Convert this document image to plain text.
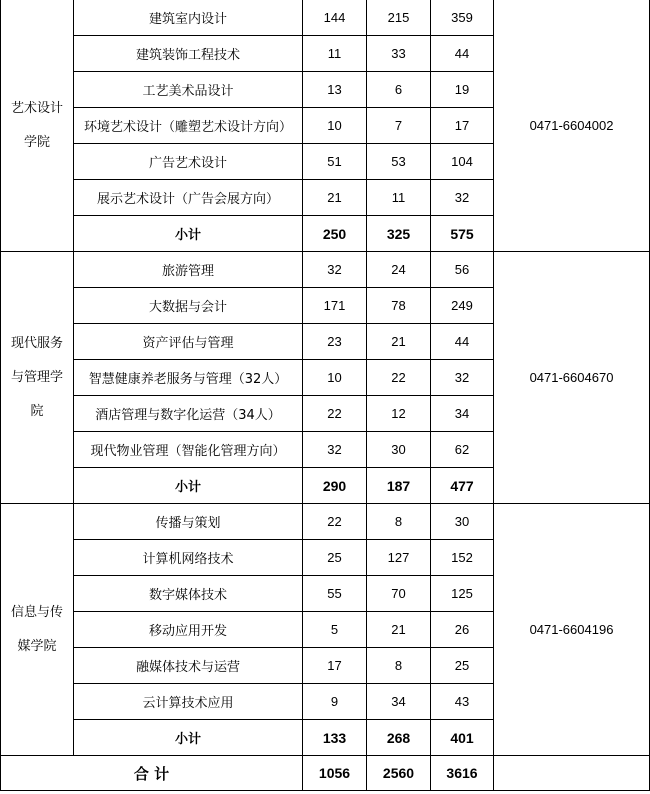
艺术设计学院	建筑室内设计	144	215	359	0471-6604002
	建筑装饰工程技术	11	33	44	
	工艺美术品设计	13	6	19	
	环境艺术设计（雕塑艺术设计方向）	10	7	17	
	广告艺术设计	51	53	104	
	展示艺术设计（广告会展方向）	21	11	32	
	小计	250	325	575	
现代服务与管理学院	旅游管理	32	24	56	0471-6604670
	大数据与会计	171	78	249	
	资产评估与管理	23	21	44	
	智慧健康养老服务与管理（32人）	10	22	32	
	酒店管理与数字化运营（34人）	22	12	34	
	现代物业管理（智能化管理方向）	32	30	62	
	小计	290	187	477	
信息与传媒学院	传播与策划	22	8	30	0471-6604196
	计算机网络技术	25	127	152	
	数字媒体技术	55	70	125	
	移动应用开发	5	21	26	
	融媒体技术与运营	17	8	25	
	云计算技术应用	9	34	43	
	小计	133	268	401	
合 计		1056	2560	3616	
